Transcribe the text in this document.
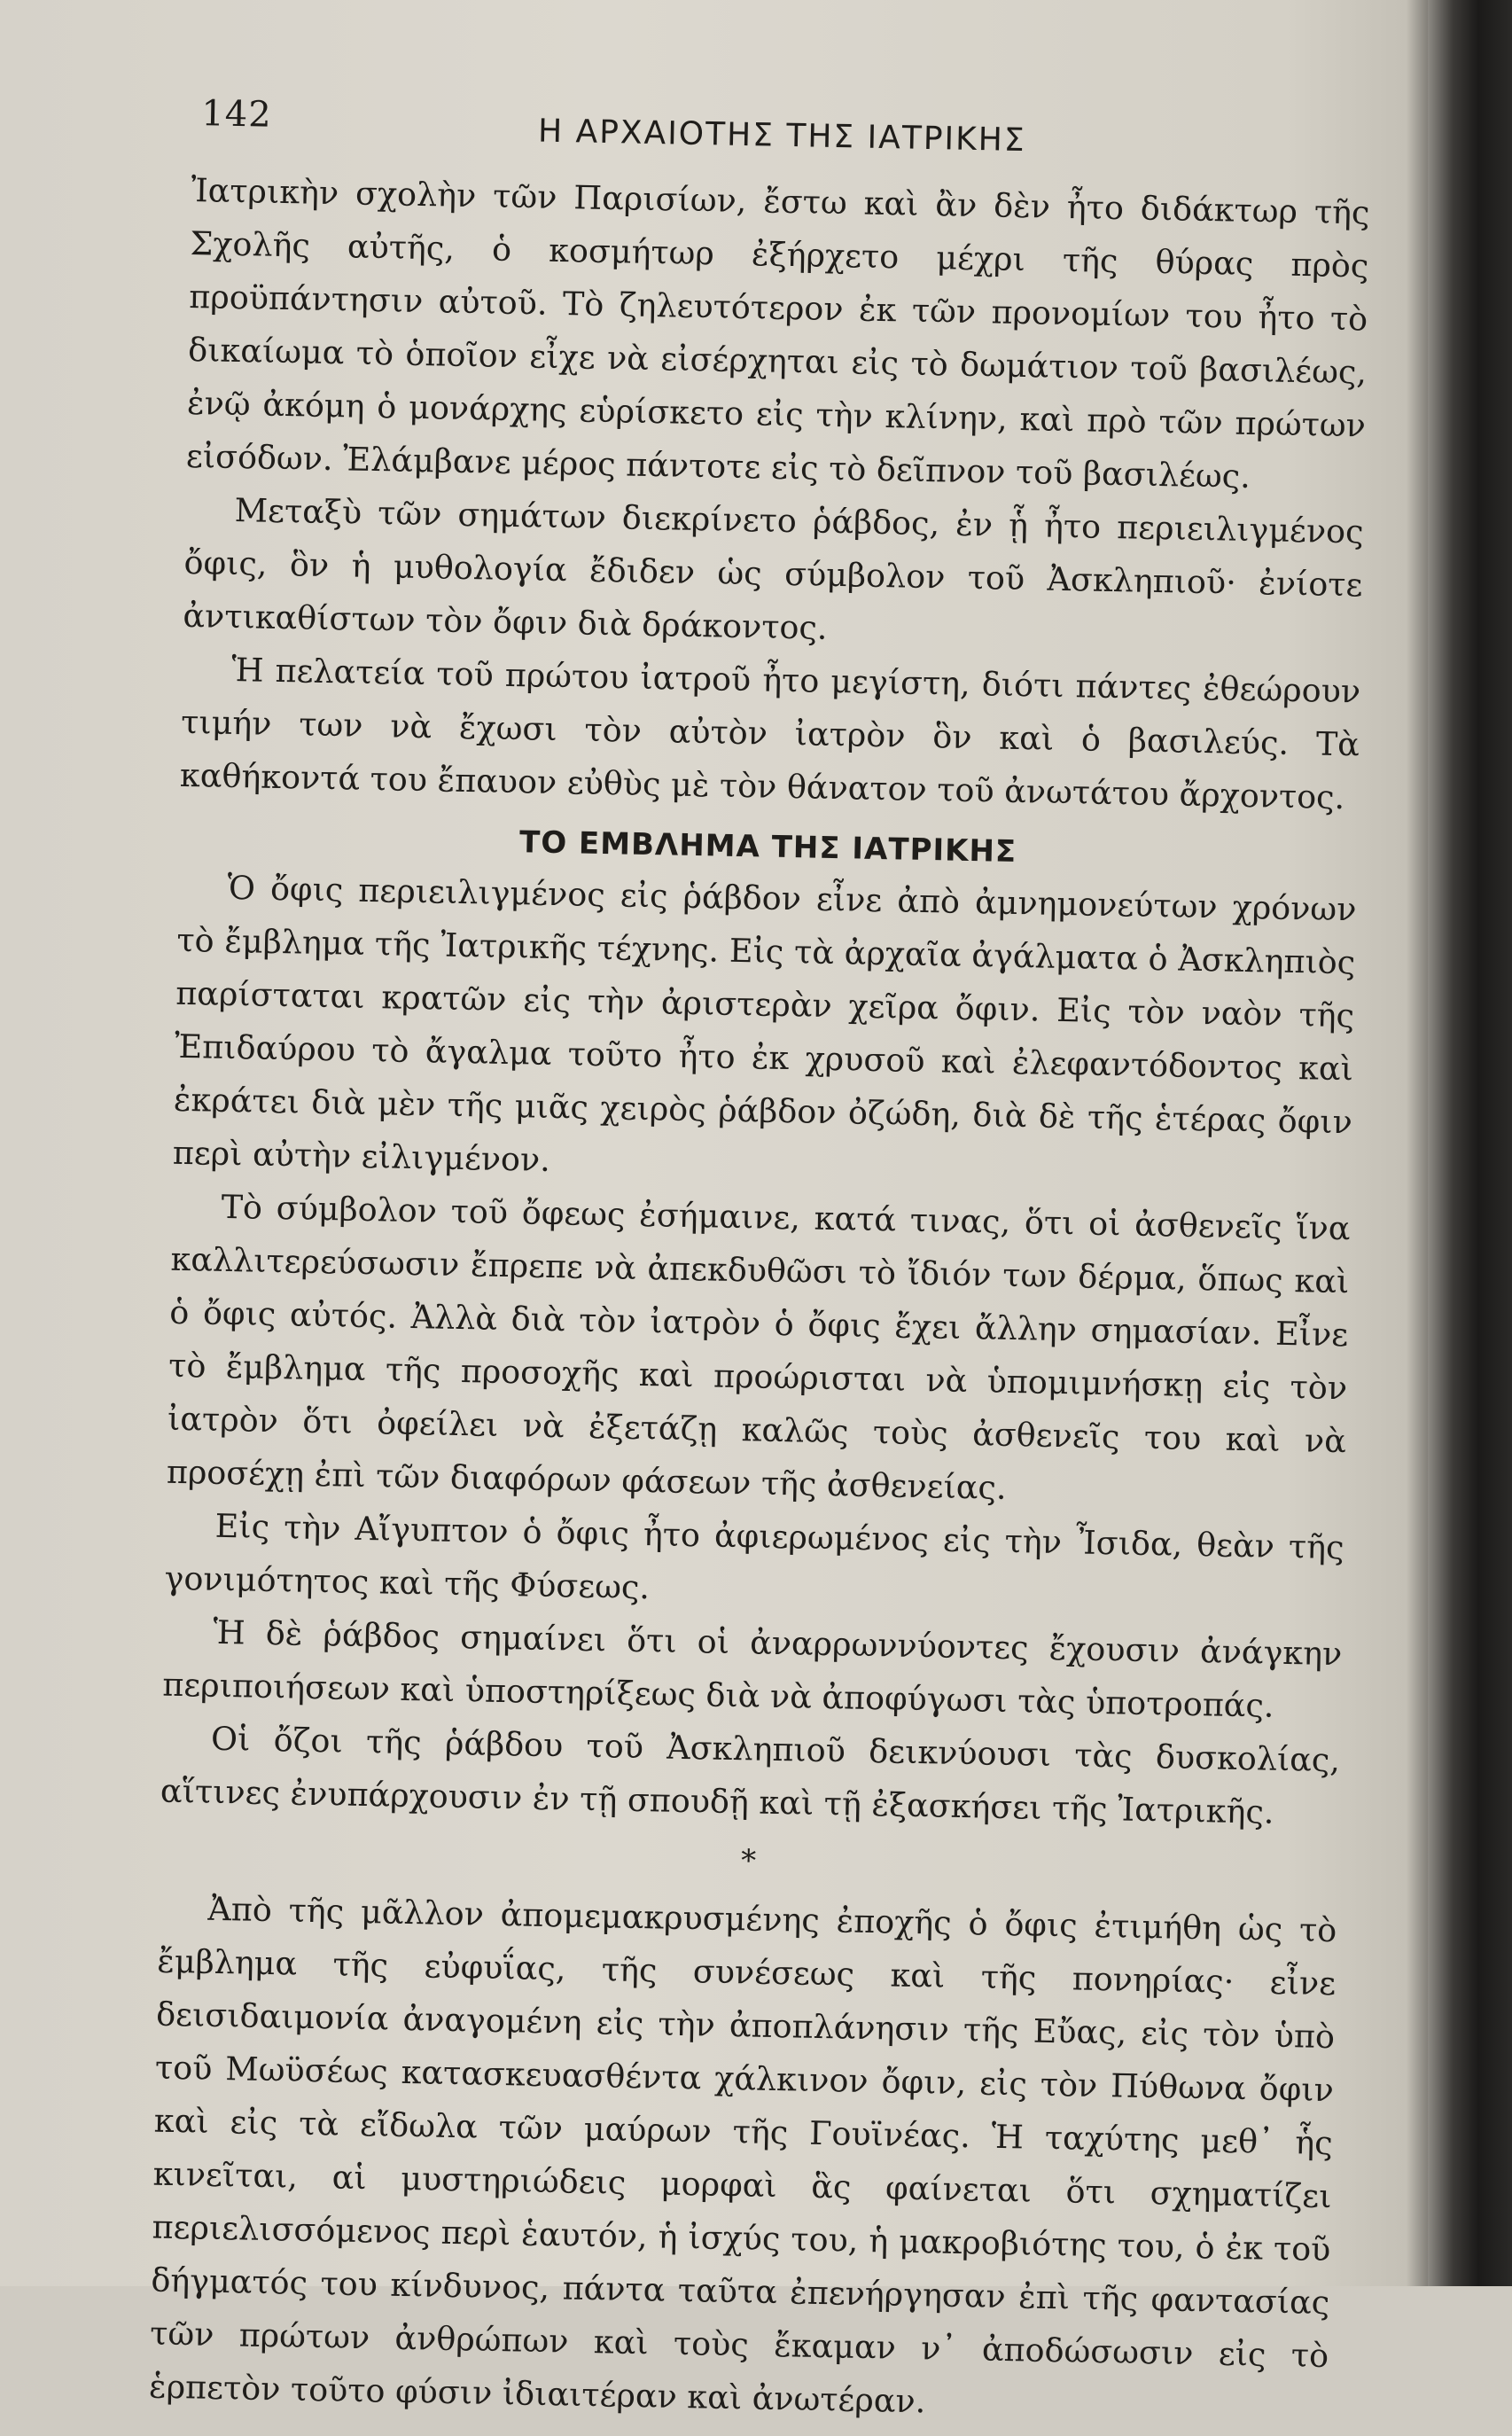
142	Η ΑΡΧΑΙΟΤΗΣ ΤΗΣ ΙΑΤΡΙΚΗΣ

Ἰατρικὴν σχολὴν τῶν Παρισίων, ἔστω καὶ ἂν δὲν ἦτο διδάκτωρ τῆς Σχολῆς αὐτῆς, ὁ κοσμήτωρ ἐξήρχετο μέχρι τῆς θύρας πρὸς προϋπάντησιν αὐτοῦ. Τὸ ζηλευτότερον ἐκ τῶν προνομίων του ἦτο τὸ δικαίωμα τὸ ὁποῖον εἶχε νὰ εἰσέρχηται εἰς τὸ δωμάτιον τοῦ βασιλέως, ἐνῷ ἀκόμη ὁ μονάρχης εὑρίσκετο εἰς τὴν κλίνην, καὶ πρὸ τῶν πρώτων εἰσόδων. Ἐλάμβανε μέρος πάντοτε εἰς τὸ δεῖπνον τοῦ βασιλέως.

Μεταξὺ τῶν σημάτων διεκρίνετο ῥάβδος, ἐν ᾗ ἦτο περιειλιγμένος ὄφις, ὃν ἡ μυθολογία ἔδιδεν ὡς σύμβολον τοῦ Ἀσκληπιοῦ· ἐνίοτε ἀντικαθίστων τὸν ὄφιν διὰ δράκοντος.

Ἡ πελατεία τοῦ πρώτου ἰατροῦ ἦτο μεγίστη, διότι πάντες ἐθεώρουν τιμήν των νὰ ἔχωσι τὸν αὐτὸν ἰατρὸν ὃν καὶ ὁ βασιλεύς. Τὰ καθήκοντά του ἔπαυον εὐθὺς μὲ τὸν θάνατον τοῦ ἀνωτάτου ἄρχοντος.

ΤΟ ΕΜΒΛΗΜΑ ΤΗΣ ΙΑΤΡΙΚΗΣ

Ὁ ὄφις περιειλιγμένος εἰς ῥάβδον εἶνε ἀπὸ ἀμνημονεύτων χρόνων τὸ ἔμβλημα τῆς Ἰατρικῆς τέχνης. Εἰς τὰ ἀρχαῖα ἀγάλματα ὁ Ἀσκληπιὸς παρίσταται κρατῶν εἰς τὴν ἀριστερὰν χεῖρα ὄφιν. Εἰς τὸν ναὸν τῆς Ἐπιδαύρου τὸ ἄγαλμα τοῦτο ἦτο ἐκ χρυσοῦ καὶ ἐλεφαντόδοντος καὶ ἐκράτει διὰ μὲν τῆς μιᾶς χειρὸς ῥάβδον ὀζώδη, διὰ δὲ τῆς ἑτέρας ὄφιν περὶ αὐτὴν εἰλιγμένον.

Τὸ σύμβολον τοῦ ὄφεως ἐσήμαινε, κατά τινας, ὅτι οἱ ἀσθενεῖς ἵνα καλλιτερεύσωσιν ἔπρεπε νὰ ἀπεκδυθῶσι τὸ ἴδιόν των δέρμα, ὅπως καὶ ὁ ὄφις αὐτός. Ἀλλὰ διὰ τὸν ἰατρὸν ὁ ὄφις ἔχει ἄλλην σημασίαν. Εἶνε τὸ ἔμβλημα τῆς προσοχῆς καὶ προώρισται νὰ ὑπομιμνήσκῃ εἰς τὸν ἰατρὸν ὅτι ὀφείλει νὰ ἐξετάζῃ καλῶς τοὺς ἀσθενεῖς του καὶ νὰ προσέχῃ ἐπὶ τῶν διαφόρων φάσεων τῆς ἀσθενείας.

Εἰς τὴν Αἴγυπτον ὁ ὄφις ἦτο ἀφιερωμένος εἰς τὴν Ἶσιδα, θεὰν τῆς γονιμότητος καὶ τῆς Φύσεως.

Ἡ δὲ ῥάβδος σημαίνει ὅτι οἱ ἀναρρωννύοντες ἔχουσιν ἀνάγκην περιποιήσεων καὶ ὑποστηρίξεως διὰ νὰ ἀποφύγωσι τὰς ὑποτροπάς.

Οἱ ὄζοι τῆς ῥάβδου τοῦ Ἀσκληπιοῦ δεικνύουσι τὰς δυσκολίας, αἵτινες ἐνυπάρχουσιν ἐν τῇ σπουδῇ καὶ τῇ ἐξασκήσει τῆς Ἰατρικῆς.

*

Ἀπὸ τῆς μᾶλλον ἀπομεμακρυσμένης ἐποχῆς ὁ ὄφις ἐτιμήθη ὡς τὸ ἔμβλημα τῆς εὐφυΐας, τῆς συνέσεως καὶ τῆς πονηρίας· εἶνε δεισιδαιμονία ἀναγομένη εἰς τὴν ἀποπλάνησιν τῆς Εὔας, εἰς τὸν ὑπὸ τοῦ Μωϋσέως κατασκευασθέντα χάλκινον ὄφιν, εἰς τὸν Πύθωνα ὄφιν καὶ εἰς τὰ εἴδωλα τῶν μαύρων τῆς Γουϊνέας. Ἡ ταχύτης μεθ᾽ ἧς κινεῖται, αἱ μυστηριώδεις μορφαὶ ἃς φαίνεται ὅτι σχηματίζει περιελισσόμενος περὶ ἑαυτόν, ἡ ἰσχύς του, ἡ μακροβιότης του, ὁ ἐκ τοῦ δήγματός του κίνδυνος, πάντα ταῦτα ἐπενήργησαν ἐπὶ τῆς φαντασίας τῶν πρώτων ἀνθρώπων καὶ τοὺς ἔκαμαν ν᾽ ἀποδώσωσιν εἰς τὸ ἑρπετὸν τοῦτο φύσιν ἰδιαιτέραν καὶ ἀνωτέραν.
